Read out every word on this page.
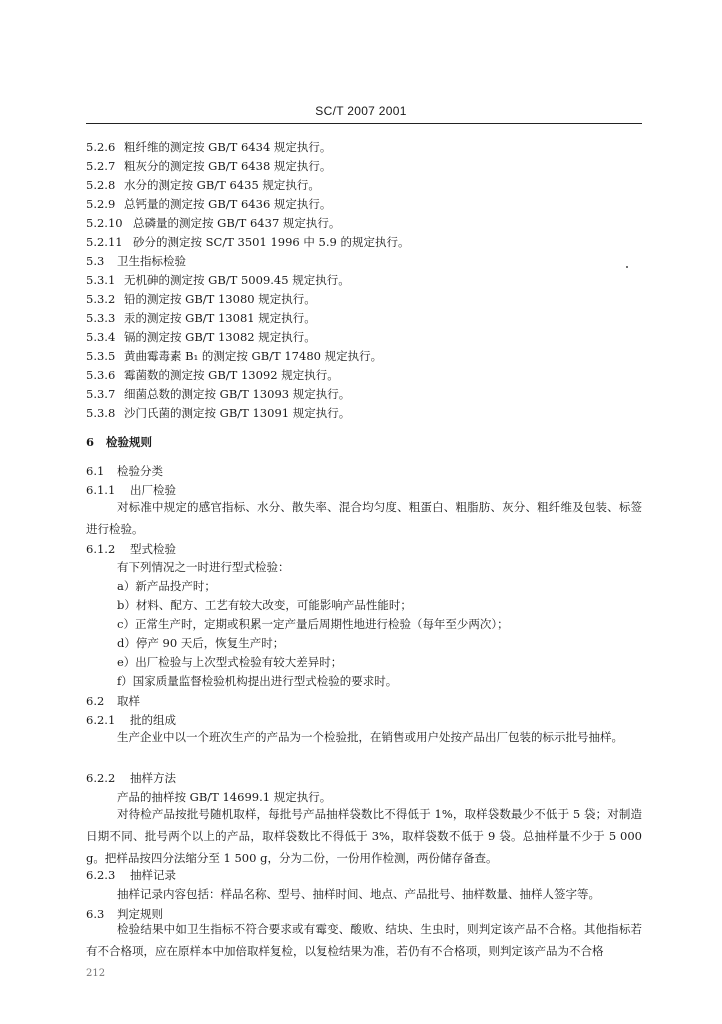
SC/T 2007 2001
5.2.6 粗纤维的测定按 GB/T 6434 规定执行。
5.2.7 粗灰分的测定按 GB/T 6438 规定执行。
5.2.8 水分的测定按 GB/T 6435 规定执行。
5.2.9 总钙量的测定按 GB/T 6436 规定执行。
5.2.10 总磷量的测定按 GB/T 6437 规定执行。
5.2.11 砂分的测定按 SC/T 3501 1996 中 5.9 的规定执行。
5.3 卫生指标检验
5.3.1 无机砷的测定按 GB/T 5009.45 规定执行。
5.3.2 铅的测定按 GB/T 13080 规定执行。
5.3.3 汞的测定按 GB/T 13081 规定执行。
5.3.4 镉的测定按 GB/T 13082 规定执行。
5.3.5 黄曲霉毒素 B₁ 的测定按 GB/T 17480 规定执行。
5.3.6 霉菌数的测定按 GB/T 13092 规定执行。
5.3.7 细菌总数的测定按 GB/T 13093 规定执行。
5.3.8 沙门氏菌的测定按 GB/T 13091 规定执行。
6 检验规则
6.1 检验分类
6.1.1 出厂检验
对标准中规定的感官指标、水分、散失率、混合均匀度、粗蛋白、粗脂肪、灰分、粗纤维及包装、标签进行检验。
6.1.2 型式检验
有下列情况之一时进行型式检验：
a）新产品投产时；
b）材料、配方、工艺有较大改变，可能影响产品性能时；
c）正常生产时，定期或积累一定产量后周期性地进行检验（每年至少两次）；
d）停产 90 天后，恢复生产时；
e）出厂检验与上次型式检验有较大差异时；
f）国家质量监督检验机构提出进行型式检验的要求时。
6.2 取样
6.2.1 批的组成
生产企业中以一个班次生产的产品为一个检验批，在销售或用户处按产品出厂包装的标示批号抽样。
6.2.2 抽样方法
产品的抽样按 GB/T 14699.1 规定执行。
对待检产品按批号随机取样，每批号产品抽样袋数比不得低于 1%，取样袋数最少不低于 5 袋；对制造日期不同、批号两个以上的产品，取样袋数比不得低于 3%，取样袋数不低于 9 袋。总抽样量不少于 5 000 g。把样品按四分法缩分至 1 500 g，分为二份，一份用作检测，两份储存备查。
6.2.3 抽样记录
抽样记录内容包括：样品名称、型号、抽样时间、地点、产品批号、抽样数量、抽样人签字等。
6.3 判定规则
检验结果中如卫生指标不符合要求或有霉变、酸败、结块、生虫时，则判定该产品不合格。其他指标若有不合格项，应在原样本中加倍取样复检，以复检结果为准，若仍有不合格项，则判定该产品为不合格
212
